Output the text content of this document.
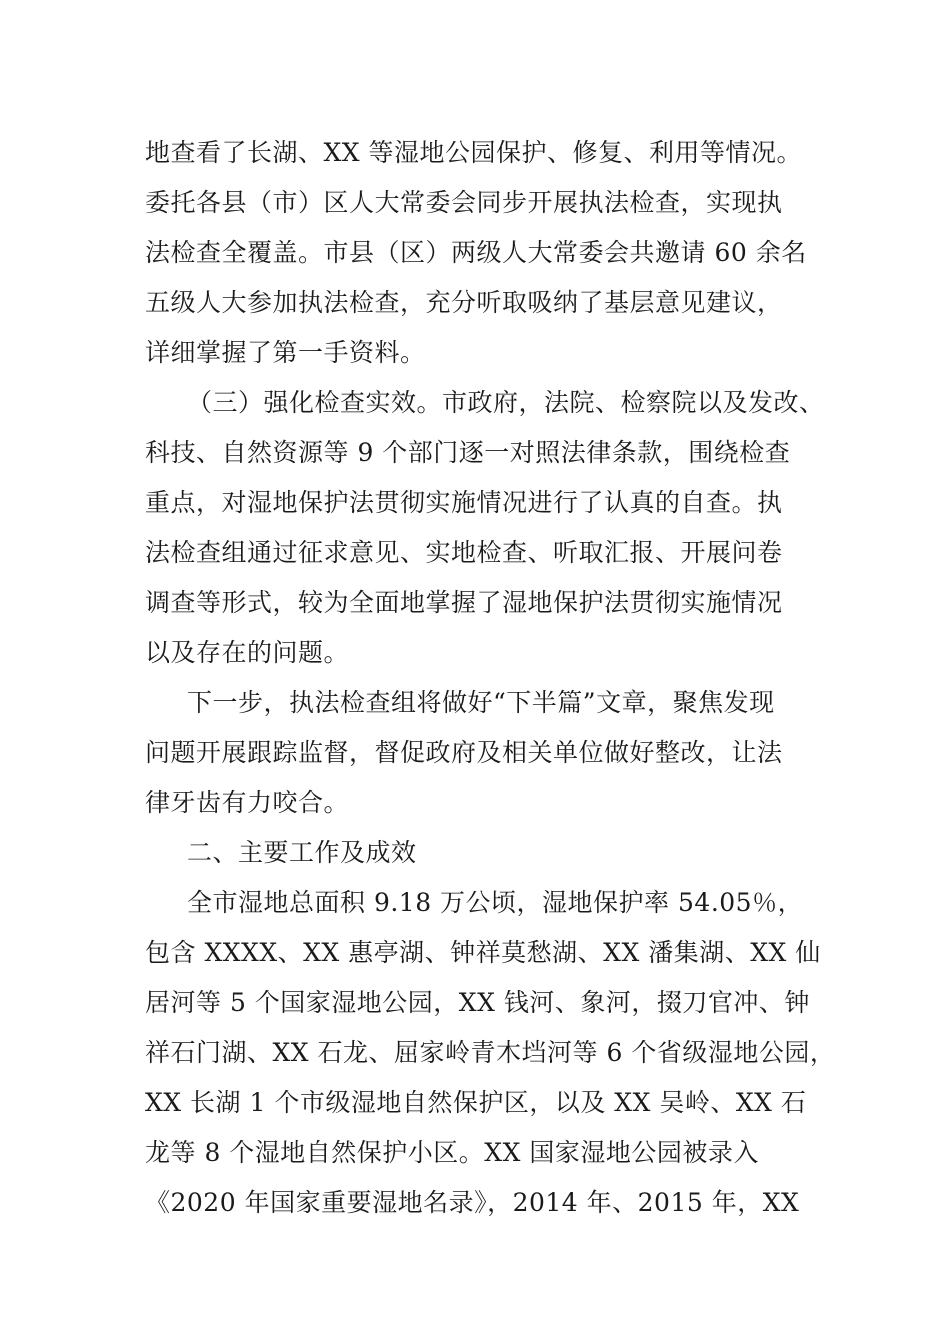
地查看了长湖、XX 等湿地公园保护、修复、利用等情况。
委托各县（市）区人大常委会同步开展执法检查，实现执
法检查全覆盖。市县（区）两级人大常委会共邀请 60 余名
五级人大参加执法检查，充分听取吸纳了基层意见建议，
详细掌握了第一手资料。
（三）强化检查实效。市政府，法院、检察院以及发改、
科技、自然资源等 9 个部门逐一对照法律条款，围绕检查
重点，对湿地保护法贯彻实施情况进行了认真的自查。执
法检查组通过征求意见、实地检查、听取汇报、开展问卷
调查等形式，较为全面地掌握了湿地保护法贯彻实施情况
以及存在的问题。
下一步，执法检查组将做好“下半篇”文章，聚焦发现
问题开展跟踪监督，督促政府及相关单位做好整改，让法
律牙齿有力咬合。
二、主要工作及成效
全市湿地总面积 9.18 万公顷，湿地保护率 54.05％，
包含 XXXX、XX 惠亭湖、钟祥莫愁湖、XX 潘集湖、XX 仙
居河等 5 个国家湿地公园，XX 钱河、象河，掇刀官冲、钟
祥石门湖、XX 石龙、屈家岭青木垱河等 6 个省级湿地公园，
XX 长湖 1 个市级湿地自然保护区，以及 XX 吴岭、XX 石
龙等 8 个湿地自然保护小区。XX 国家湿地公园被录入
《2020 年国家重要湿地名录》，2014 年、2015 年，XX
